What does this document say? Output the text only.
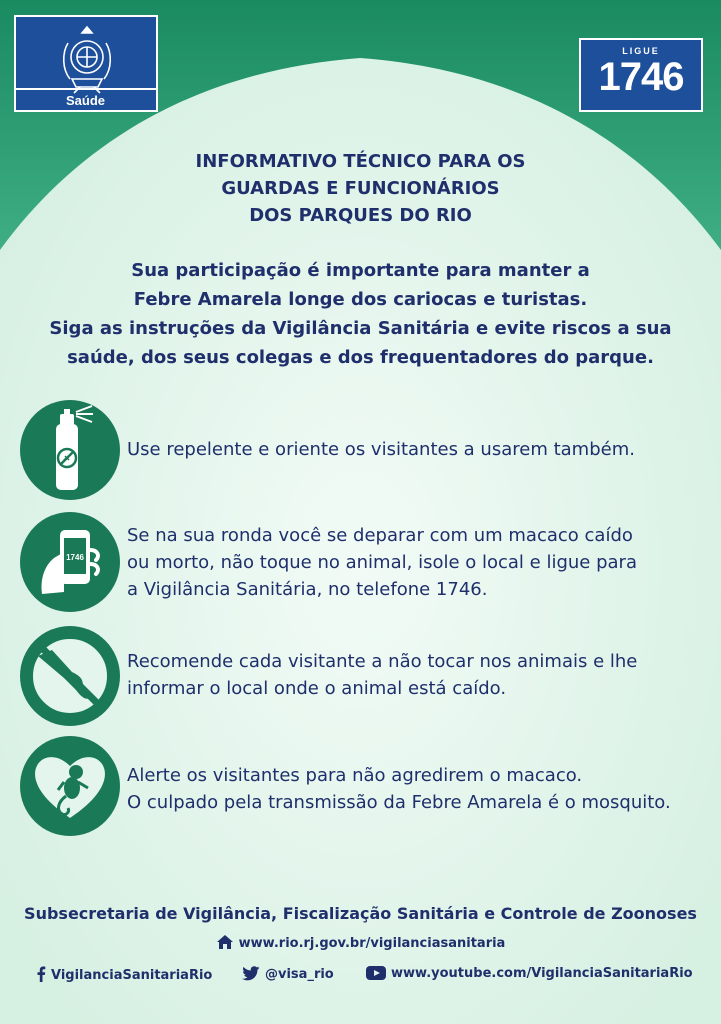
Saúde
LIGUE
1746
INFORMATIVO TÉCNICO PARA OS
GUARDAS E FUNCIONÁRIOS
DOS PARQUES DO RIO
Sua participação é importante para manter a
Febre Amarela longe dos cariocas e turistas.
Siga as instruções da Vigilância Sanitária e evite riscos a sua
saúde, dos seus colegas e dos frequentadores do parque.
Use repelente e oriente os visitantes a usarem também.
1746
Se na sua ronda você se deparar com um macaco caído
ou morto, não toque no animal, isole o local e ligue para
a Vigilância Sanitária, no telefone 1746.
Recomende cada visitante a não tocar nos animais e lhe
informar o local onde o animal está caído.
Alerte os visitantes para não agredirem o macaco.
O culpado pela transmissão da Febre Amarela é o mosquito.
Subsecretaria de Vigilância, Fiscalização Sanitária e Controle de Zoonoses
www.rio.rj.gov.br/vigilanciasanitaria
VigilanciaSanitariaRio	@visa_rio	www.youtube.com/VigilanciaSanitariaRio
